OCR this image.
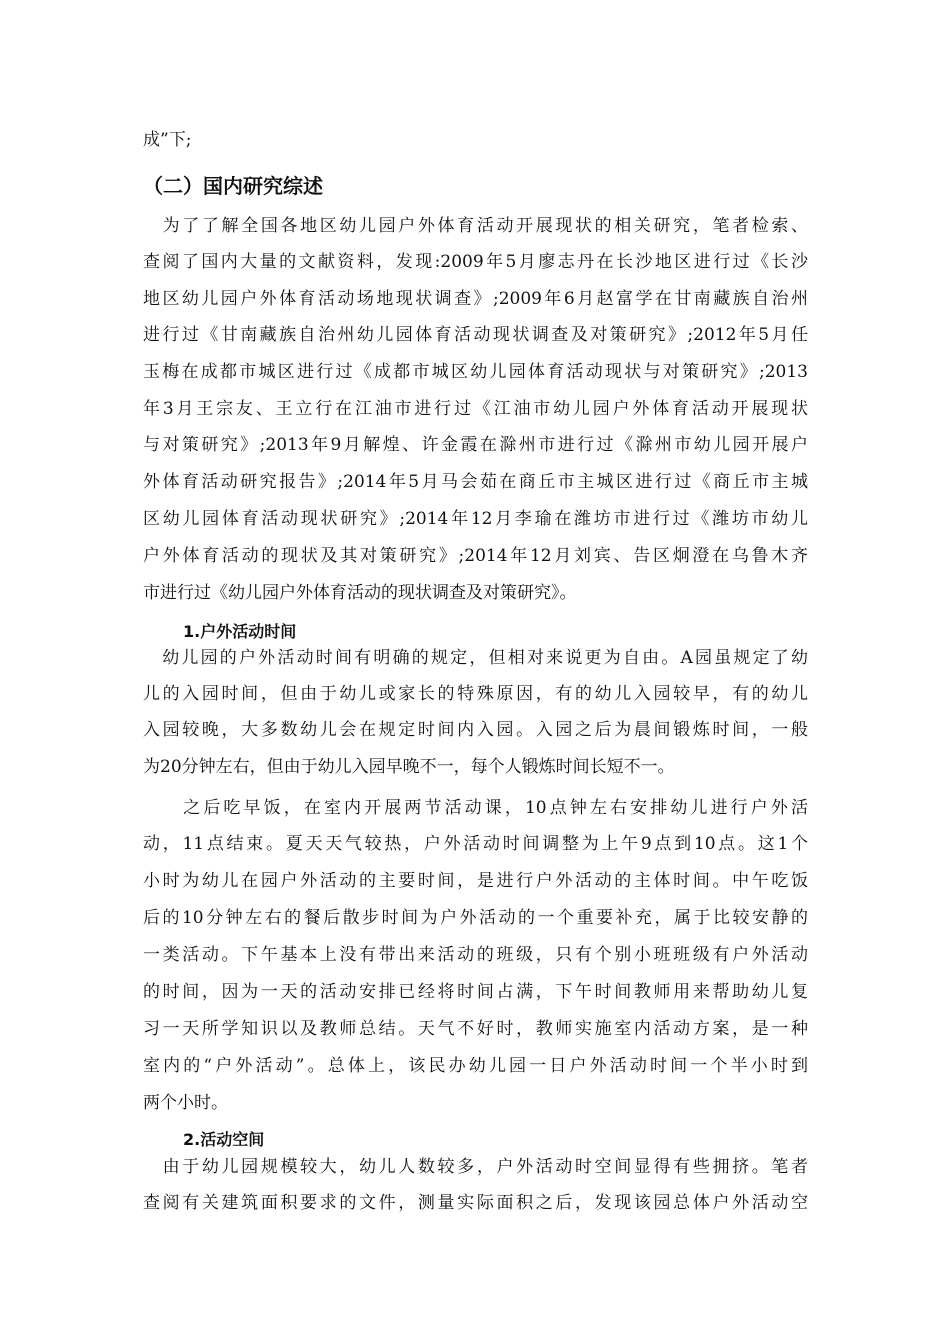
成”下;
（二）国内研究综述
　为了了解全国各地区幼儿园户外体育活动开展现状的相关研究，笔者检索、
查阅了国内大量的文献资料，发现:2009年5月廖志丹在长沙地区进行过《长沙
地区幼儿园户外体育活动场地现状调查》;2009年6月赵富学在甘南藏族自治州
进行过《甘南藏族自治州幼儿园体育活动现状调查及对策研究》;2012年5月任
玉梅在成都市城区进行过《成都市城区幼儿园体育活动现状与对策研究》;2013
年3月王宗友、王立行在江油市进行过《江油市幼儿园户外体育活动开展现状
与对策研究》;2013年9月解煌、许金霞在滁州市进行过《滁州市幼儿园开展户
外体育活动研究报告》;2014年5月马会茹在商丘市主城区进行过《商丘市主城
区幼儿园体育活动现状研究》;2014年12月李瑜在潍坊市进行过《潍坊市幼儿
户外体育活动的现状及其对策研究》;2014年12月刘宾、告区炯澄在乌鲁木齐
市进行过《幼儿园户外体育活动的现状调查及对策研究》。
1.户外活动时间
　幼儿园的户外活动时间有明确的规定，但相对来说更为自由。A园虽规定了幼
儿的入园时间，但由于幼儿或家长的特殊原因，有的幼儿入园较早，有的幼儿
入园较晚，大多数幼儿会在规定时间内入园。入园之后为晨间锻炼时间，一般
为20分钟左右，但由于幼儿入园早晚不一，每个人锻炼时间长短不一。
　　之后吃早饭，在室内开展两节活动课，10点钟左右安排幼儿进行户外活
动，11点结束。夏天天气较热，户外活动时间调整为上午9点到10点。这1个
小时为幼儿在园户外活动的主要时间，是进行户外活动的主体时间。中午吃饭
后的10分钟左右的餐后散步时间为户外活动的一个重要补充，属于比较安静的
一类活动。下午基本上没有带出来活动的班级，只有个别小班班级有户外活动
的时间，因为一天的活动安排已经将时间占满，下午时间教师用来帮助幼儿复
习一天所学知识以及教师总结。天气不好时，教师实施室内活动方案，是一种
室内的“户外活动”。总体上，该民办幼儿园一日户外活动时间一个半小时到
两个小时。
2.活动空间
　由于幼儿园规模较大，幼儿人数较多，户外活动时空间显得有些拥挤。笔者
查阅有关建筑面积要求的文件，测量实际面积之后，发现该园总体户外活动空
